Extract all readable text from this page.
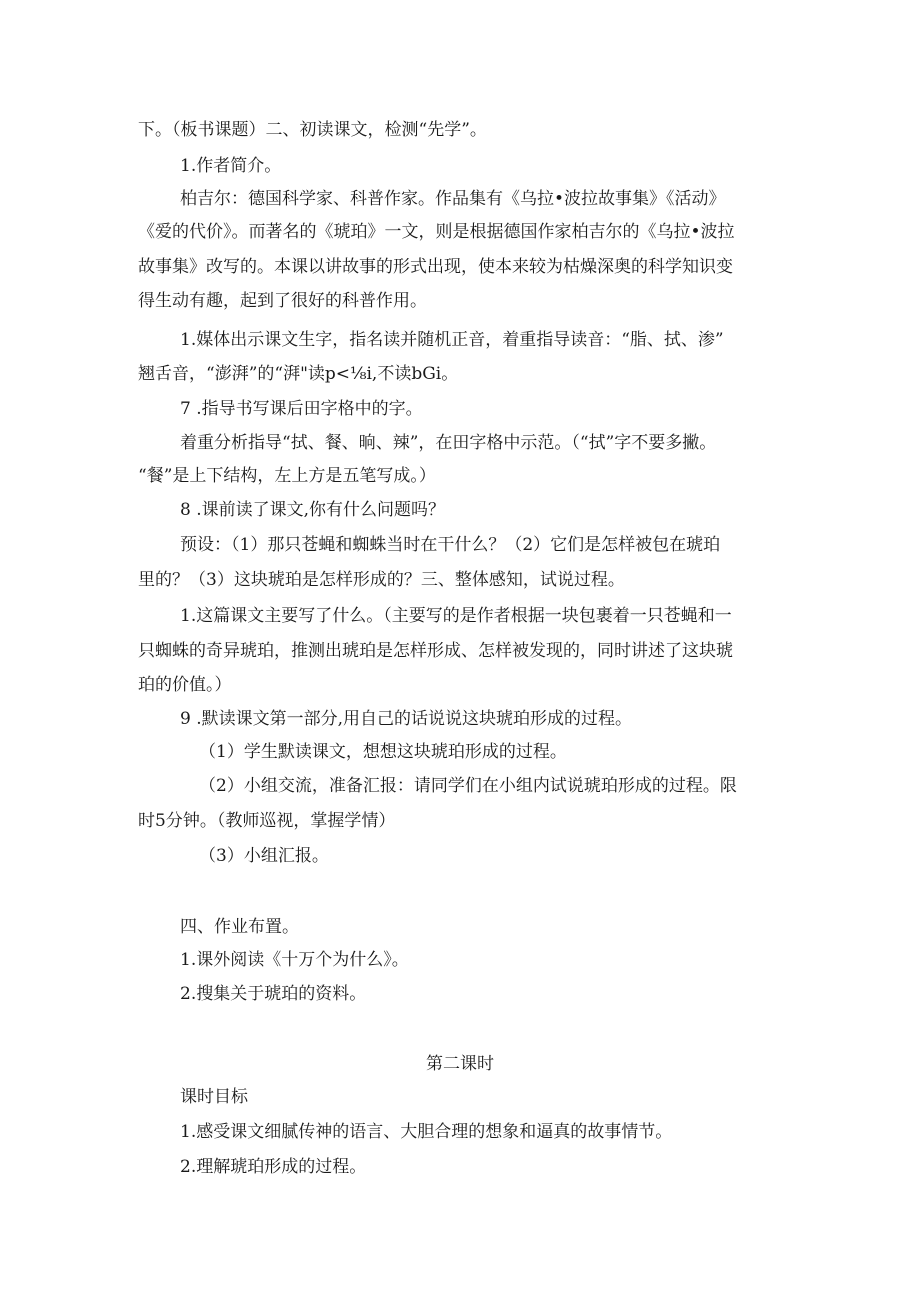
下。（板书课题）二、初读课文，检测“先学”。
1.作者简介。
柏吉尔：德国科学家、科普作家。作品集有《乌拉•波拉故事集》《活动》
《爱的代价》。而著名的《琥珀》一文，则是根据德国作家柏吉尔的《乌拉•波拉
故事集》改写的。本课以讲故事的形式出现，使本来较为枯燥深奥的科学知识变
得生动有趣，起到了很好的科普作用。
1.媒体出示课文生字，指名读并随机正音，着重指导读音：“脂、拭、渗”
翘舌音，“澎湃”的“湃"读p<⅛i,不读bGi。
7 .指导书写课后田字格中的字。
着重分析指导“拭、餐、晌、辣”，在田字格中示范。（“拭”字不要多撇。
“餐”是上下结构，左上方是五笔写成。）
8 .课前读了课文,你有什么问题吗？
预设：（1）那只苍蝇和蜘蛛当时在干什么？（2）它们是怎样被包在琥珀
里的？（3）这块琥珀是怎样形成的？三、整体感知，试说过程。
1.这篇课文主要写了什么。（主要写的是作者根据一块包裹着一只苍蝇和一
只蜘蛛的奇异琥珀，推测出琥珀是怎样形成、怎样被发现的，同时讲述了这块琥
珀的价值。）
9 .默读课文第一部分,用自己的话说说这块琥珀形成的过程。
（1）学生默读课文，想想这块琥珀形成的过程。
（2）小组交流，准备汇报：请同学们在小组内试说琥珀形成的过程。限
时5分钟。（教师巡视，掌握学情）
（3）小组汇报。
四、作业布置。
1.课外阅读《十万个为什么》。
2.搜集关于琥珀的资料。
第二课时
课时目标
1.感受课文细腻传神的语言、大胆合理的想象和逼真的故事情节。
2.理解琥珀形成的过程。
